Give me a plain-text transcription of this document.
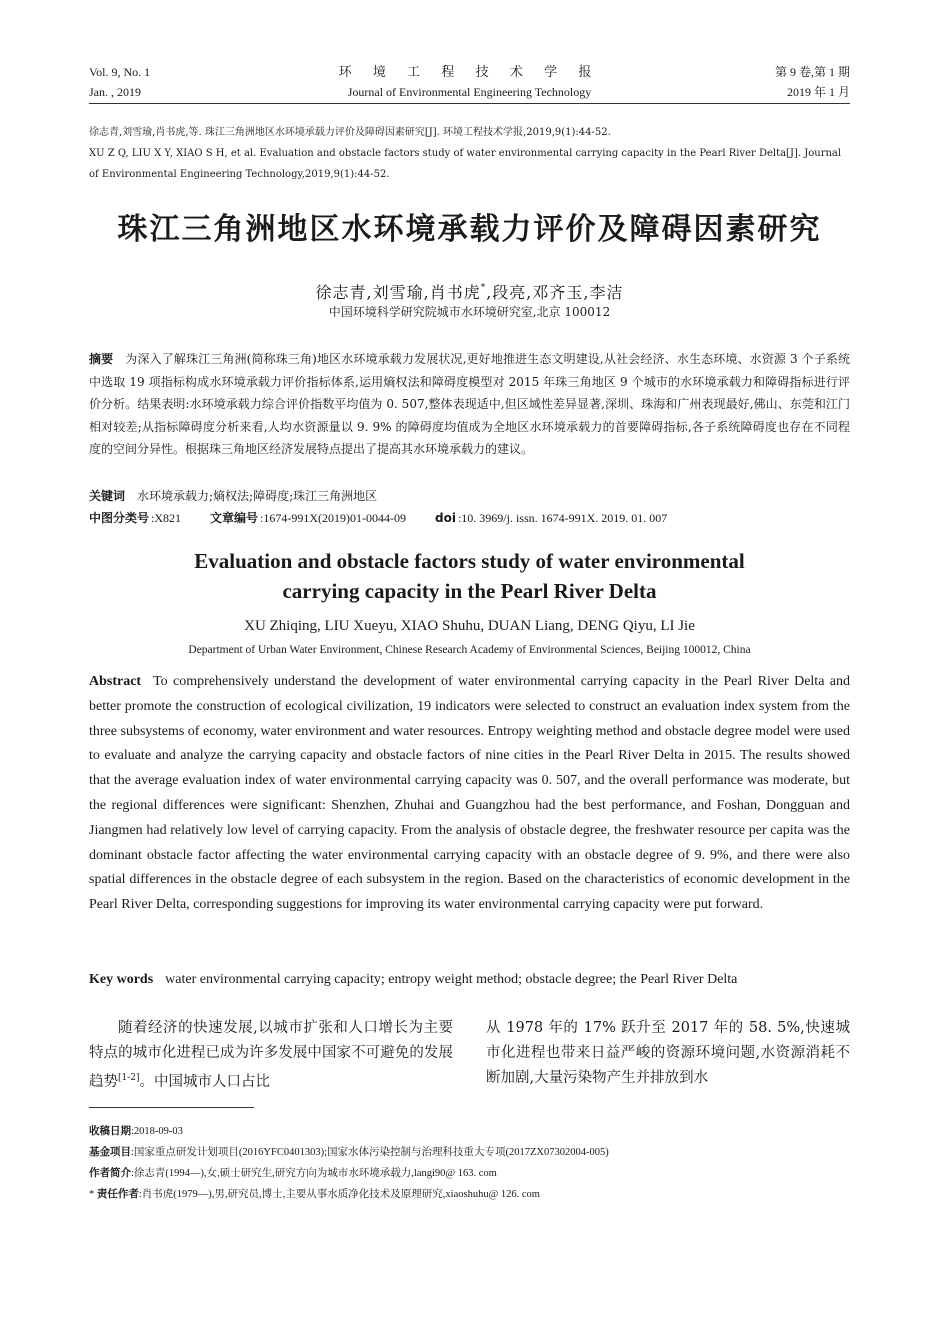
Vol. 9, No. 1
Jan. , 2019
环 境 工 程 技 术 学 报
Journal of Environmental Engineering Technology
第 9 卷,第 1 期
2019 年 1 月
徐志青,刘雪瑜,肖书虎,等. 珠江三角洲地区水环境承载力评价及障碍因素研究[J]. 环境工程技术学报,2019,9(1):44-52.
XU Z Q, LIU X Y, XIAO S H, et al. Evaluation and obstacle factors study of water environmental carrying capacity in the Pearl River Delta[J]. Journal of Environmental Engineering Technology,2019,9(1):44-52.
珠江三角洲地区水环境承载力评价及障碍因素研究
徐志青,刘雪瑜,肖书虎*,段亮,邓齐玉,李洁
中国环境科学研究院城市水环境研究室,北京 100012
摘要 为深入了解珠江三角洲(简称珠三角)地区水环境承载力发展状况,更好地推进生态文明建设,从社会经济、水生态环境、水资源 3 个子系统中选取 19 项指标构成水环境承载力评价指标体系,运用熵权法和障碍度模型对 2015 年珠三角地区 9 个城市的水环境承载力和障碍指标进行评价分析。结果表明:水环境承载力综合评价指数平均值为 0. 507,整体表现适中,但区域性差异显著,深圳、珠海和广州表现最好,佛山、东莞和江门相对较差;从指标障碍度分析来看,人均水资源量以 9. 9% 的障碍度均值成为全地区水环境承载力的首要障碍指标,各子系统障碍度也存在不同程度的空间分异性。根据珠三角地区经济发展特点提出了提高其水环境承载力的建议。
关键词 水环境承载力;熵权法;障碍度;珠江三角洲地区
中图分类号 :X821 文章编号 :1674-991X(2019)01-0044-09 doi :10. 3969/j. issn. 1674-991X. 2019. 01. 007
Evaluation and obstacle factors study of water environmental
carrying capacity in the Pearl River Delta
XU Zhiqing, LIU Xueyu, XIAO Shuhu, DUAN Liang, DENG Qiyu, LI Jie
Department of Urban Water Environment, Chinese Research Academy of Environmental Sciences, Beijing 100012, China
Abstract To comprehensively understand the development of water environmental carrying capacity in the Pearl River Delta and better promote the construction of ecological civilization, 19 indicators were selected to construct an evaluation index system from the three subsystems of economy, water environment and water resources. Entropy weighting method and obstacle degree model were used to evaluate and analyze the carrying capacity and obstacle factors of nine cities in the Pearl River Delta in 2015. The results showed that the average evaluation index of water environmental carrying capacity was 0. 507, and the overall performance was moderate, but the regional differences were significant: Shenzhen, Zhuhai and Guangzhou had the best performance, and Foshan, Dongguan and Jiangmen had relatively low level of carrying capacity. From the analysis of obstacle degree, the freshwater resource per capita was the dominant obstacle factor affecting the water environmental carrying capacity with an obstacle degree of 9. 9%, and there were also spatial differences in the obstacle degree of each subsystem in the region. Based on the characteristics of economic development in the Pearl River Delta, corresponding suggestions for improving its water environmental carrying capacity were put forward.
Key words water environmental carrying capacity; entropy weight method; obstacle degree; the Pearl River Delta
随着经济的快速发展,以城市扩张和人口增长为主要特点的城市化进程已成为许多发展中国家不可避免的发展趋势[1-2]。中国城市人口占比
从 1978 年的 17% 跃升至 2017 年的 58. 5%,快速城市化进程也带来日益严峻的资源环境问题,水资源消耗不断加剧,大量污染物产生并排放到水
收稿日期:2018-09-03
基金项目:国家重点研发计划项目(2016YFC0401303);国家水体污染控制与治理科技重大专项(2017ZX07302004-005)
作者简介:徐志青(1994—),女,硕士研究生,研究方向为城市水环境承载力,langi90@ 163. com
* 责任作者:肖书虎(1979—),男,研究员,博士,主要从事水质净化技术及原理研究,xiaoshuhu@ 126. com
